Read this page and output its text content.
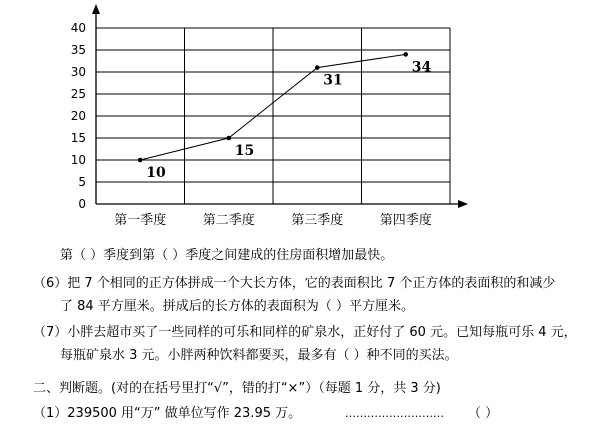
0
5
10
15
20
25
30
35
40
第一季度	第二季度	第三季度	第四季度
10
15
31
34
第（ ）季度到第（ ）季度之间建成的住房面积增加最快。
（6）把 7 个相同的正方体拼成一个大长方体，它的表面积比 7 个正方体的表面积的和减少
了 84 平方厘米。拼成后的长方体的表面积为（ ）平方厘米。
（7）小胖去超市买了一些同样的可乐和同样的矿泉水，正好付了 60 元。已知每瓶可乐 4 元，
每瓶矿泉水 3 元。小胖两种饮料都要买，最多有（ ）种不同的买法。
二、判断题。(对的在括号里打“√”，错的打“×”）（每题 1 分，共 3 分)
（1）239500 用“万” 做单位写作 23.95 万。	……………………… （ ）
